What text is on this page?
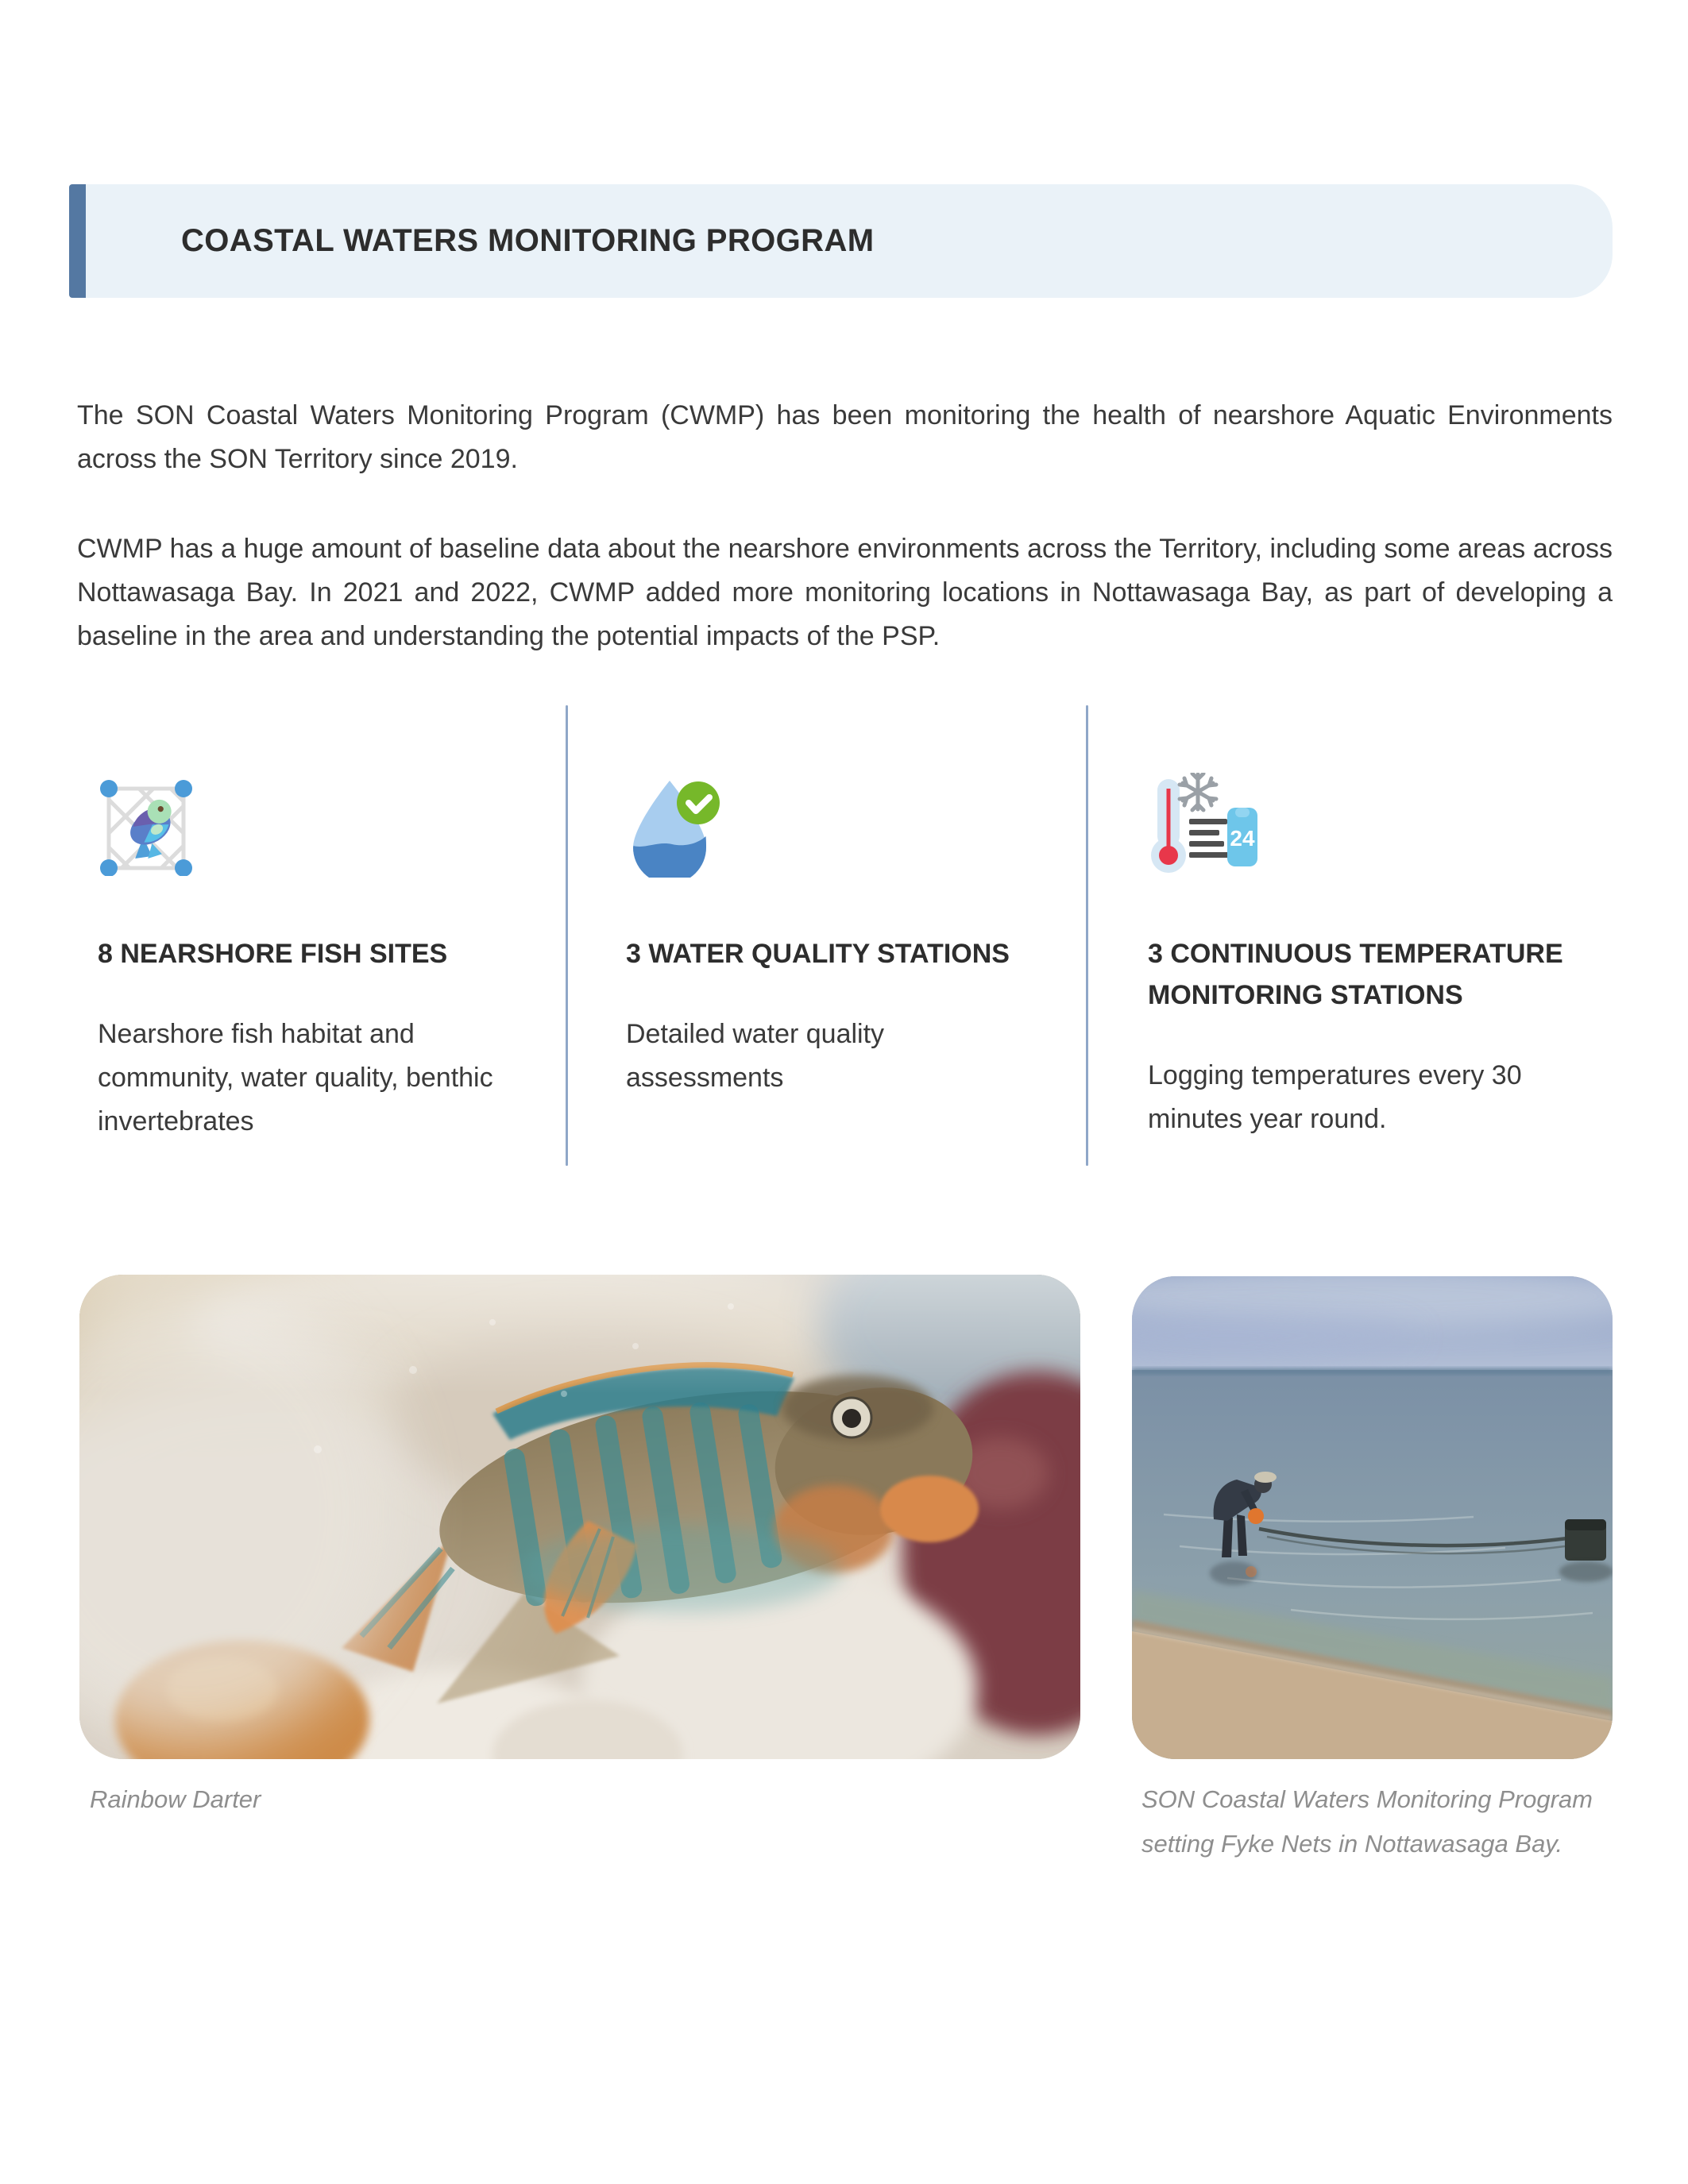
COASTAL WATERS MONITORING PROGRAM

The SON Coastal Waters Monitoring Program (CWMP) has been monitoring the health of nearshore Aquatic Environments across the SON Territory since 2019.

CWMP has a huge amount of baseline data about the nearshore environments across the Territory, including some areas across Nottawasaga Bay. In 2021 and 2022, CWMP added more monitoring locations in Nottawasaga Bay, as part of developing a baseline in the area and understanding the potential impacts of the PSP.

8 NEARSHORE FISH SITES
Nearshore fish habitat and community, water quality, benthic invertebrates
3 WATER QUALITY STATIONS
Detailed water quality assessments
24
3 CONTINUOUS TEMPERATURE MONITORING STATIONS
Logging temperatures every 30 minutes year round.
Rainbow Darter	SON Coastal Waters Monitoring Program setting Fyke Nets in Nottawasaga Bay.
